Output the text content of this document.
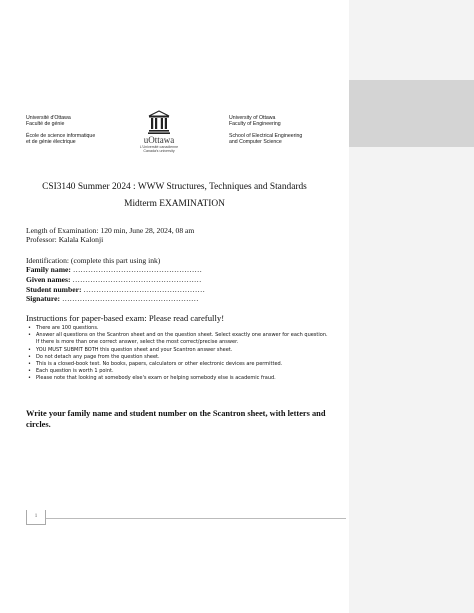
Université d'Ottawa
Faculté de génie
École de science informatique
et de génie électrique	uOttawa
L'Université canadienne
Canada's university
University of Ottawa
Faculty of Engineering
School of Electrical Engineering
and Computer Science
CSI3140 Summer 2024 : WWW Structures, Techniques and Standards
Midterm EXAMINATION
Length of Examination: 120 min, June 28, 2024, 08 am
Professor: Kalala Kalonji
Identification: (complete this part using ink)
Family name: ……………………………………………
Given names: ……………………………………………
Student number: …………………………………………
Signature: ………………………………………………
Instructions for paper-based exam: Please read carefully!
• There are 100 questions.
• Answer all questions on the Scantron sheet and on the question sheet. Select exactly one answer for each question. If there is more than one correct answer, select the most correct/precise answer.
• YOU MUST SUBMIT BOTH this question sheet and your Scantron answer sheet.
• Do not detach any page from the question sheet.
• This is a closed-book test. No books, papers, calculators or other electronic devices are permitted.
• Each question is worth 1 point.
• Please note that looking at somebody else's exam or helping somebody else is academic fraud.
Write your family name and student number on the Scantron sheet, with letters and circles.
1
